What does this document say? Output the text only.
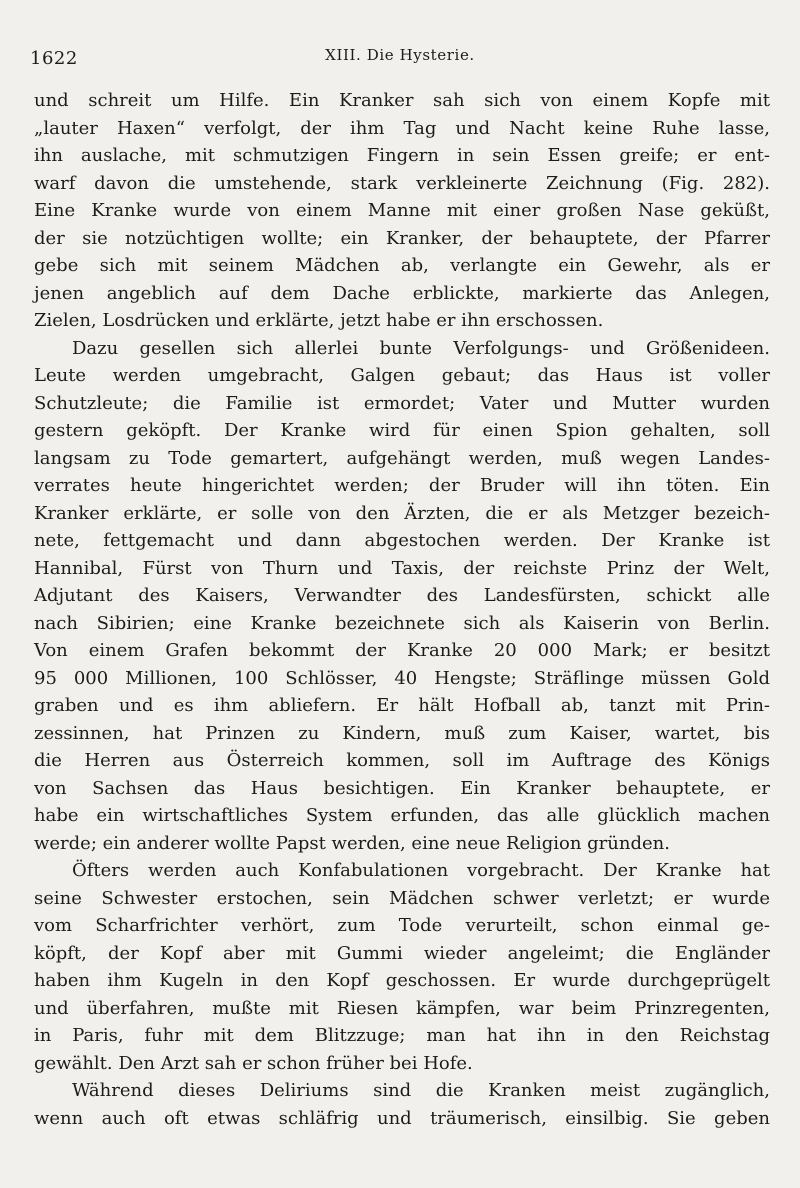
1622	XIII. Die Hysterie.
und schreit um Hilfe. Ein Kranker sah sich von einem Kopfe mit
„lauter Haxen“ verfolgt, der ihm Tag und Nacht keine Ruhe lasse,
ihn auslache, mit schmutzigen Fingern in sein Essen greife; er ent-
warf davon die umstehende, stark verkleinerte Zeichnung (Fig. 282).
Eine Kranke wurde von einem Manne mit einer großen Nase geküßt,
der sie notzüchtigen wollte; ein Kranker, der behauptete, der Pfarrer
gebe sich mit seinem Mädchen ab, verlangte ein Gewehr, als er
jenen angeblich auf dem Dache erblickte, markierte das Anlegen,
Zielen, Losdrücken und erklärte, jetzt habe er ihn erschossen.
Dazu gesellen sich allerlei bunte Verfolgungs- und Größenideen.
Leute werden umgebracht, Galgen gebaut; das Haus ist voller
Schutzleute; die Familie ist ermordet; Vater und Mutter wurden
gestern geköpft. Der Kranke wird für einen Spion gehalten, soll
langsam zu Tode gemartert, aufgehängt werden, muß wegen Landes-
verrates heute hingerichtet werden; der Bruder will ihn töten. Ein
Kranker erklärte, er solle von den Ärzten, die er als Metzger bezeich-
nete, fettgemacht und dann abgestochen werden. Der Kranke ist
Hannibal, Fürst von Thurn und Taxis, der reichste Prinz der Welt,
Adjutant des Kaisers, Verwandter des Landesfürsten, schickt alle
nach Sibirien; eine Kranke bezeichnete sich als Kaiserin von Berlin.
Von einem Grafen bekommt der Kranke 20 000 Mark; er besitzt
95 000 Millionen, 100 Schlösser, 40 Hengste; Sträflinge müssen Gold
graben und es ihm abliefern. Er hält Hofball ab, tanzt mit Prin-
zessinnen, hat Prinzen zu Kindern, muß zum Kaiser, wartet, bis
die Herren aus Österreich kommen, soll im Auftrage des Königs
von Sachsen das Haus besichtigen. Ein Kranker behauptete, er
habe ein wirtschaftliches System erfunden, das alle glücklich machen
werde; ein anderer wollte Papst werden, eine neue Religion gründen.
Öfters werden auch Konfabulationen vorgebracht. Der Kranke hat
seine Schwester erstochen, sein Mädchen schwer verletzt; er wurde
vom Scharfrichter verhört, zum Tode verurteilt, schon einmal ge-
köpft, der Kopf aber mit Gummi wieder angeleimt; die Engländer
haben ihm Kugeln in den Kopf geschossen. Er wurde durchgeprügelt
und überfahren, mußte mit Riesen kämpfen, war beim Prinzregenten,
in Paris, fuhr mit dem Blitzzuge; man hat ihn in den Reichstag
gewählt. Den Arzt sah er schon früher bei Hofe.
Während dieses Deliriums sind die Kranken meist zugänglich,
wenn auch oft etwas schläfrig und träumerisch, einsilbig. Sie geben
